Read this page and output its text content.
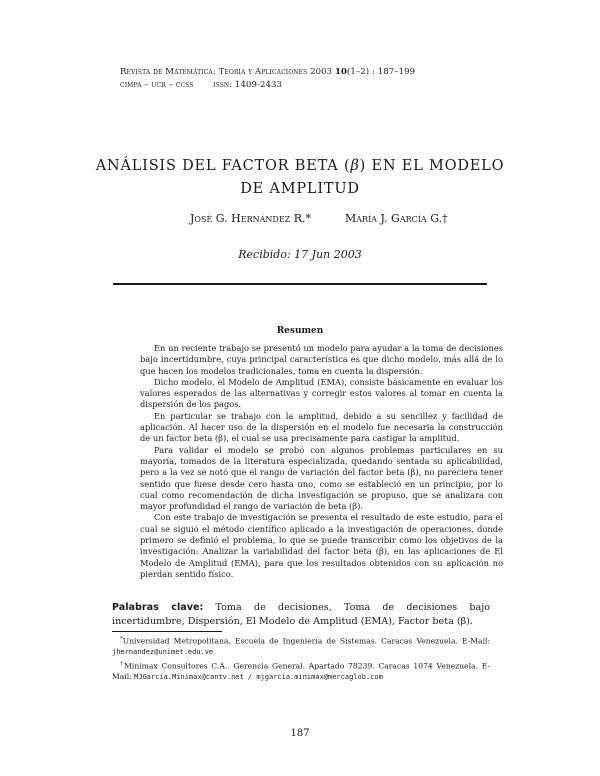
Revista de Matemática: Teoría y Aplicaciones 2003 10(1–2) : 187–199
cimpa – ucr – ccss issn: 1409-2433
ANÁLISIS DEL FACTOR BETA (β) EN EL MODELO DE AMPLITUD
José G. Hernández R.*	María J. García G.†
Recibido: 17 Jun 2003
Resumen

En un reciente trabajo se presentó un modelo para ayudar a la toma de decisiones bajo incertidumbre, cuya principal característica es que dicho modelo, más allá de lo que hacen los modelos tradicionales, toma en cuenta la dispersión.

Dicho modelo, el Modelo de Amplitud (EMA), consiste básicamente en evaluar los valores esperados de las alternativas y corregir estos valores al tomar en cuenta la dispersión de los pagos.

En particular se trabajo con la amplitud, debido a su sencillez y facilidad de aplicación. Al hacer uso de la dispersión en el modelo fue necesaria la construcción de un factor beta (β), el cual se usa precisamente para castigar la amplitud.

Para validar el modelo se probó con algunos problemas particulares en su mayoría, tomados de la literatura especializada, quedando sentada su aplicabilidad, pero a la vez se notó que el rango de variación del factor beta (β), no pareciera tener sentido que fuese desde cero hasta uno, como se estableció en un principio, por lo cual como recomendación de dicha investigación se propuso, que se analizara con mayor profundidad el rango de variación de beta (β).

Con este trabajo de investigación se presenta el resultado de este estudio, para el cual se siguió el método científico aplicado a la investigación de operaciones, donde primero se definió el problema, lo que se puede transcribir como los objetivos de la investigación: Analizar la variabilidad del factor beta (β), en las aplicaciones de El Modelo de Amplitud (EMA), para que los resultados obtenidos con su aplicación no pierdan sentido físico.

Palabras clave: Toma de decisiones, Toma de decisiones bajo incertidumbre, Dispersión, El Modelo de Amplitud (EMA), Factor beta (β).

*Universidad Metropolitana, Escuela de Ingeniería de Sistemas. Caracas Venezuela. E-Mail: jhernandez@unimet.edu.ve

†Minimax Consultores C.A.. Gerencia General. Apartado 78239. Caracas 1074 Venezuela. E-Mail: MJGarcia.Minimax@cantv.net / mjgarcia.minimax@mercaglob.com

187
